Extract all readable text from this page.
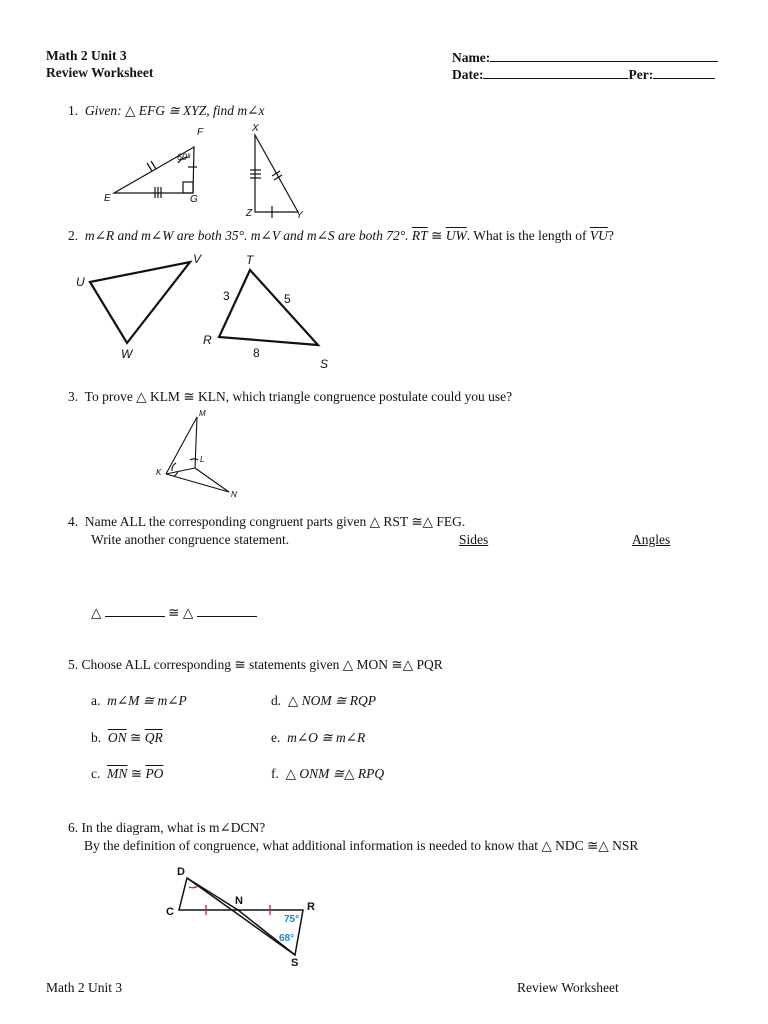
Math 2 Unit 3
Review Worksheet
Name:
Date:	Per:
1. Given: △ EFG ≅ XYZ, find m∠x
F
E	G
60°
X
Z	Y
2. m∠R and m∠W are both 35°. m∠V and m∠S are both 72°. $\overline{RT}$ ≅ $\overline{UW}$. What is the length of $\overline{VU}$?
U
V
W
T
R
S
3	5
8
3. To prove △ KLM ≅ KLN, which triangle congruence postulate could you use?
M
K
L
N
4. Name ALL the corresponding congruent parts given △ RST ≅△ FEG.
Write another congruence statement.	Sides	Angles
△	≅ △
5. Choose ALL corresponding ≅ statements given △ MON ≅△ PQR
a. m∠M ≅ m∠P
b. $\overline{ON}$ ≅ $\overline{QR}$
c. $\overline{MN}$ ≅ $\overline{PO}$
d. △ NOM ≅ RQP
e. m∠O ≅ m∠R
f. △ ONM ≅△ RPQ
6. In the diagram, what is m∠DCN?
By the definition of congruence, what additional information is needed to know that △ NDC ≅△ NSR
D
C
N	R
S
75°
68°
Math 2 Unit 3	Review Worksheet
